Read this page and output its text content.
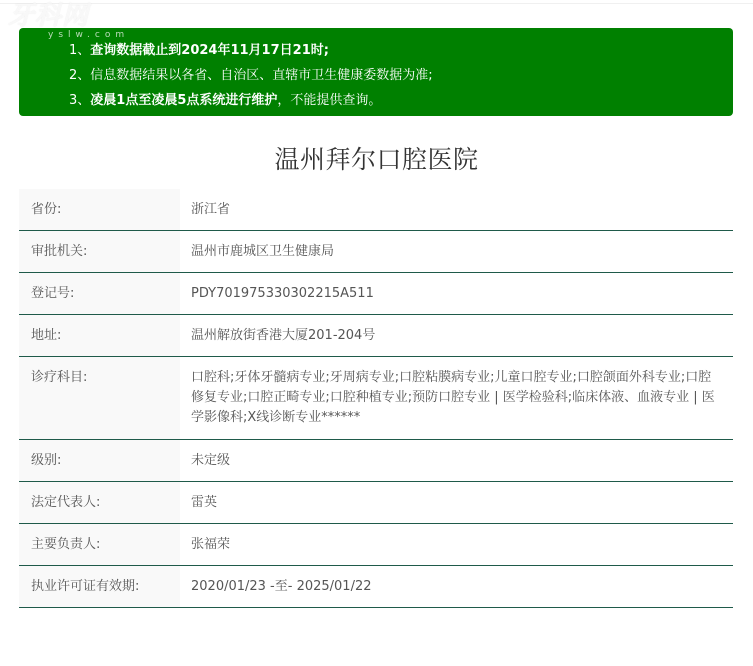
牙科网
yslw.com
1、查询数据截止到2024年11月17日21时;
2、信息数据结果以各省、自治区、直辖市卫生健康委数据为准;
3、凌晨1点至凌晨5点系统进行维护，不能提供查询。
温州拜尔口腔医院
省份:	浙江省
审批机关:	温州市鹿城区卫生健康局
登记号:	PDY701975330302215A511
地址:	温州解放街香港大厦201-204号
诊疗科目:	口腔科;牙体牙髓病专业;牙周病专业;口腔粘膜病专业;儿童口腔专业;口腔颌面外科专业;口腔修复专业;口腔正畸专业;口腔种植专业;预防口腔专业 | 医学检验科;临床体液、血液专业 | 医学影像科;X线诊断专业******
级别:	未定级
法定代表人:	雷英
主要负责人:	张福荣
执业许可证有效期:	2020/01/23 -至- 2025/01/22
